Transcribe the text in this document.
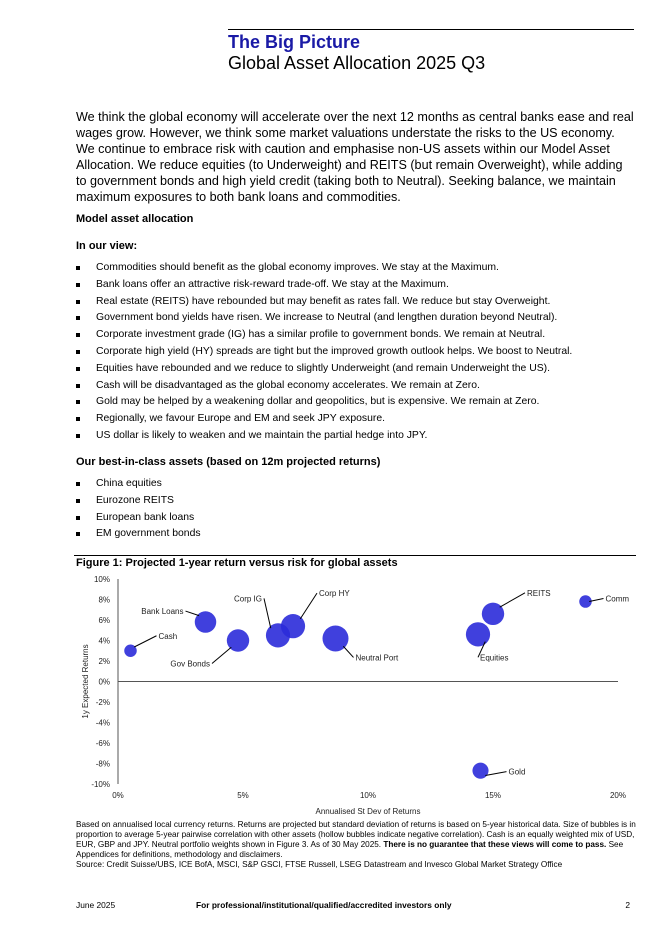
The Big Picture
Global Asset Allocation 2025 Q3

We think the global economy will accelerate over the next 12 months as central banks ease and real wages grow. However, we think some market valuations understate the risks to the US economy. We continue to embrace risk with caution and emphasise non-US assets within our Model Asset Allocation. We reduce equities (to Underweight) and REITS (but remain Overweight), while adding to government bonds and high yield credit (taking both to Neutral). Seeking balance, we maintain maximum exposures to both bank loans and commodities.

Model asset allocation

In our view:

Commodities should benefit as the global economy improves. We stay at the Maximum.
Bank loans offer an attractive risk-reward trade-off. We stay at the Maximum.
Real estate (REITS) have rebounded but may benefit as rates fall. We reduce but stay Overweight.
Government bond yields have risen. We increase to Neutral (and lengthen duration beyond Neutral).
Corporate investment grade (IG) has a similar profile to government bonds. We remain at Neutral.
Corporate high yield (HY) spreads are tight but the improved growth outlook helps. We boost to Neutral.
Equities have rebounded and we reduce to slightly Underweight (and remain Underweight the US).
Cash will be disadvantaged as the global economy accelerates. We remain at Zero.
Gold may be helped by a weakening dollar and geopolitics, but is expensive. We remain at Zero.
Regionally, we favour Europe and EM and seek JPY exposure.
US dollar is likely to weaken and we maintain the partial hedge into JPY.

Our best-in-class assets (based on 12m projected returns)

China equities
Eurozone REITS
European bank loans
EM government bonds

Figure 1: Projected 1-year return versus risk for global assets

10%
8%
6%
4%
2%
0%
-2%
-4%
-6%
-8%
-10%
0%	5%	10%	15%	20%
Annualised St Dev of Returns
1y Expected Returns
Cash
Bank Loans
Gov Bonds
Corp IG
Corp HY
Neutral Port	Equities
REITS
Comm
Gold

Based on annualised local currency returns. Returns are projected but standard deviation of returns is based on 5-year historical data. Size of bubbles is in proportion to average 5-year pairwise correlation with other assets (hollow bubbles indicate negative correlation). Cash is an equally weighted mix of USD, EUR, GBP and JPY. Neutral portfolio weights shown in Figure 3. As of 30 May 2025. There is no guarantee that these views will come to pass. See Appendices for definitions, methodology and disclaimers.
Source: Credit Suisse/UBS, ICE BofA, MSCI, S&P GSCI, FTSE Russell, LSEG Datastream and Invesco Global Market Strategy Office

June 2025	For professional/institutional/qualified/accredited investors only	2
